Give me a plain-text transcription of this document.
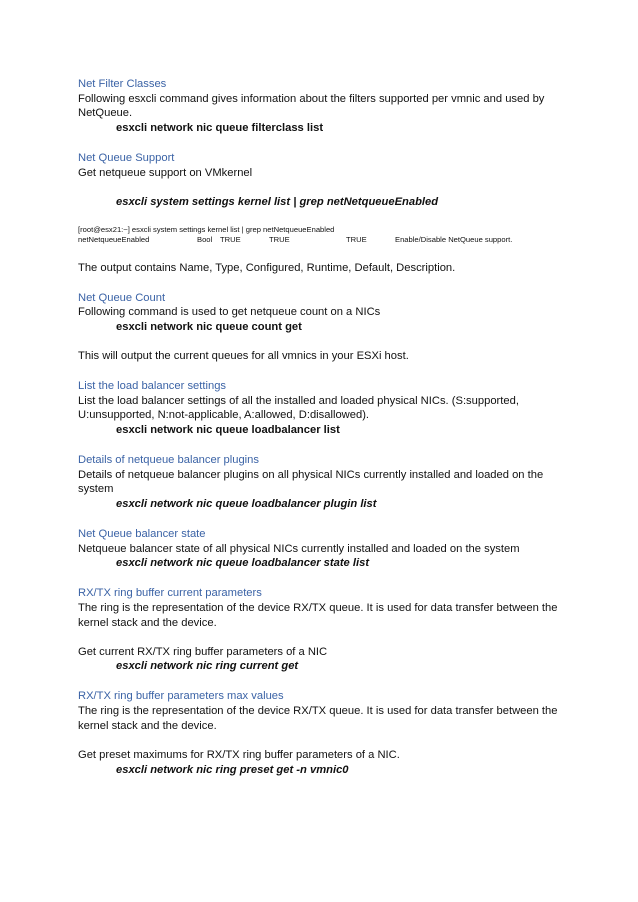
Net Filter Classes
Following esxcli command gives information about the filters supported per vmnic and used by
NetQueue.
esxcli network nic queue filterclass list
Net Queue Support
Get netqueue support on VMkernel
esxcli system settings kernel list | grep netNetqueueEnabled
[root@esx21:~] esxcli system settings kernel list | grep netNetqueueEnabled
netNetqueueEnabled	Bool TRUE	TRUE	TRUE	Enable/Disable NetQueue support.
The output contains Name, Type, Configured, Runtime, Default, Description.
Net Queue Count
Following command is used to get netqueue count on a NICs
esxcli network nic queue count get
This will output the current queues for all vmnics in your ESXi host.
List the load balancer settings
List the load balancer settings of all the installed and loaded physical NICs. (S:supported,
U:unsupported, N:not-applicable, A:allowed, D:disallowed).
esxcli network nic queue loadbalancer list
Details of netqueue balancer plugins
Details of netqueue balancer plugins on all physical NICs currently installed and loaded on the
system
esxcli network nic queue loadbalancer plugin list
Net Queue balancer state
Netqueue balancer state of all physical NICs currently installed and loaded on the system
esxcli network nic queue loadbalancer state list
RX/TX ring buffer current parameters
The ring is the representation of the device RX/TX queue. It is used for data transfer between the
kernel stack and the device.
Get current RX/TX ring buffer parameters of a NIC
esxcli network nic ring current get
RX/TX ring buffer parameters max values
The ring is the representation of the device RX/TX queue. It is used for data transfer between the
kernel stack and the device.
Get preset maximums for RX/TX ring buffer parameters of a NIC.
esxcli network nic ring preset get -n vmnic0
